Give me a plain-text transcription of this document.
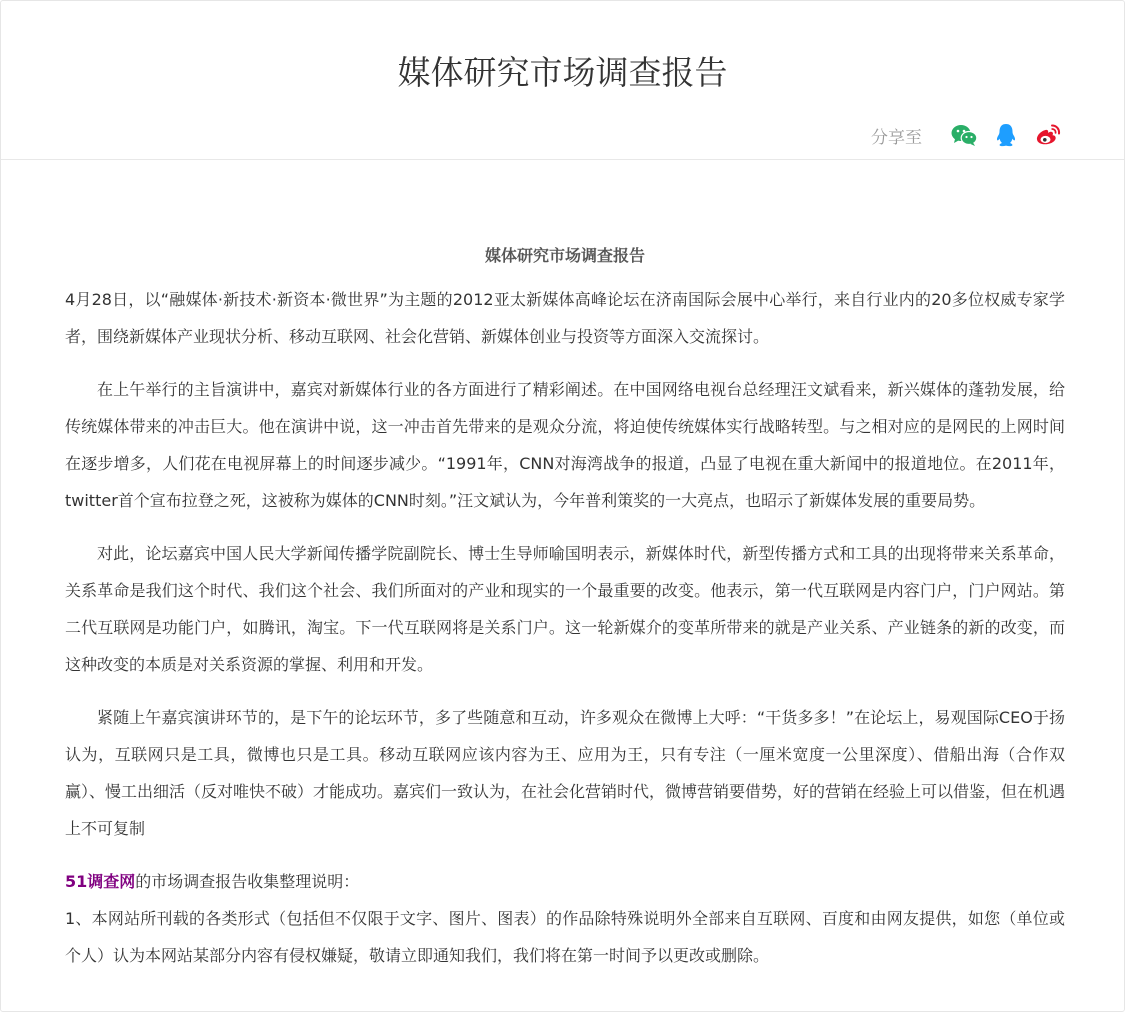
媒体研究市场调查报告
分享至
媒体研究市场调查报告

4月28日，以“融媒体·新技术·新资本·微世界”为主题的2012亚太新媒体高峰论坛在济南国际会展中心举行，来自行业内的20多位权威专家学者，围绕新媒体产业现状分析、移动互联网、社会化营销、新媒体创业与投资等方面深入交流探讨。

在上午举行的主旨演讲中，嘉宾对新媒体行业的各方面进行了精彩阐述。在中国网络电视台总经理汪文斌看来，新兴媒体的蓬勃发展，给传统媒体带来的冲击巨大。他在演讲中说，这一冲击首先带来的是观众分流，将迫使传统媒体实行战略转型。与之相对应的是网民的上网时间在逐步增多，人们花在电视屏幕上的时间逐步减少。“1991年，CNN对海湾战争的报道，凸显了电视在重大新闻中的报道地位。在2011年，twitter首个宣布拉登之死，这被称为媒体的CNN时刻。”汪文斌认为，今年普利策奖的一大亮点，也昭示了新媒体发展的重要局势。

对此，论坛嘉宾中国人民大学新闻传播学院副院长、博士生导师喻国明表示，新媒体时代，新型传播方式和工具的出现将带来关系革命，关系革命是我们这个时代、我们这个社会、我们所面对的产业和现实的一个最重要的改变。他表示，第一代互联网是内容门户，门户网站。第二代互联网是功能门户，如腾讯，淘宝。下一代互联网将是关系门户。这一轮新媒介的变革所带来的就是产业关系、产业链条的新的改变，而这种改变的本质是对关系资源的掌握、利用和开发。

紧随上午嘉宾演讲环节的，是下午的论坛环节，多了些随意和互动，许多观众在微博上大呼：“干货多多！”在论坛上，易观国际CEO于扬认为，互联网只是工具，微博也只是工具。移动互联网应该内容为王、应用为王，只有专注（一厘米宽度一公里深度）、借船出海（合作双赢）、慢工出细活（反对唯快不破）才能成功。嘉宾们一致认为，在社会化营销时代，微博营销要借势，好的营销在经验上可以借鉴，但在机遇上不可复制

51调查网的市场调查报告收集整理说明：

1、本网站所刊载的各类形式（包括但不仅限于文字、图片、图表）的作品除特殊说明外全部来自互联网、百度和由网友提供，如您（单位或个人）认为本网站某部分内容有侵权嫌疑，敬请立即通知我们，我们将在第一时间予以更改或删除。
